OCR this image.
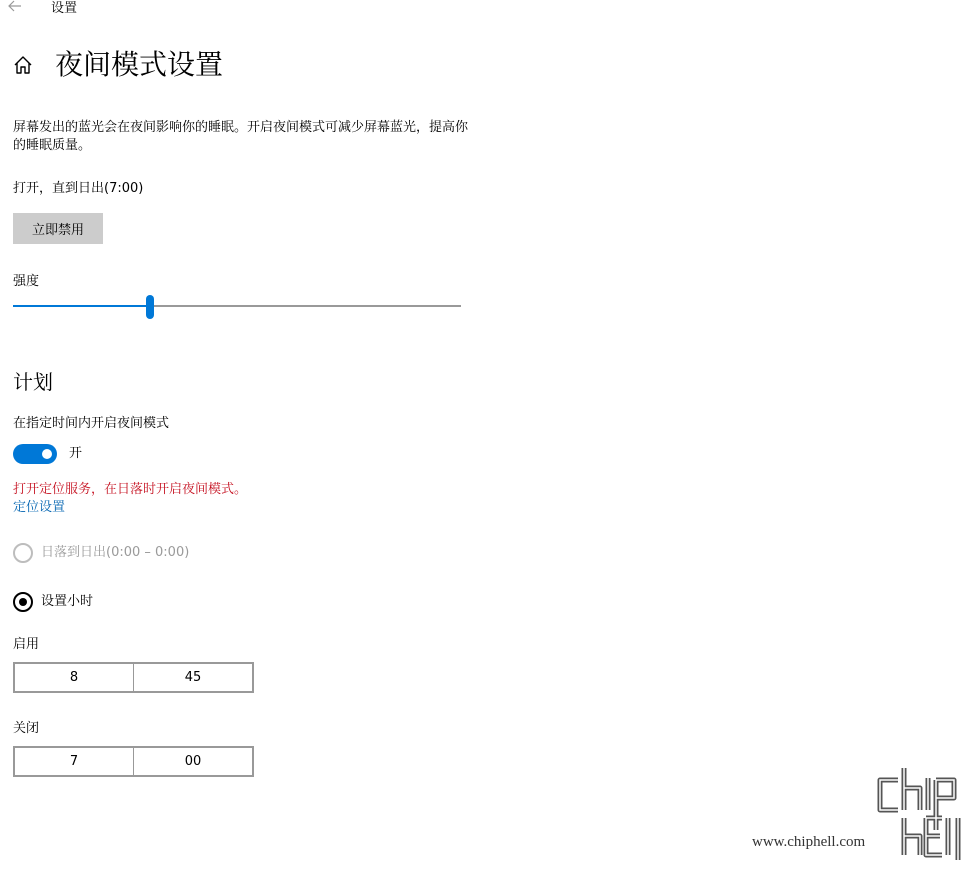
设置
夜间模式设置
屏幕发出的蓝光会在夜间影响你的睡眠。开启夜间模式可减少屏幕蓝光，提高你的睡眠质量。
打开，直到日出(7:00)
立即禁用
强度
计划
在指定时间内开启夜间模式
开
打开定位服务，在日落时开启夜间模式。
定位设置
日落到日出(0:00 – 0:00)
设置小时
启用
8	45
关闭
7	00
www.chiphell.com
